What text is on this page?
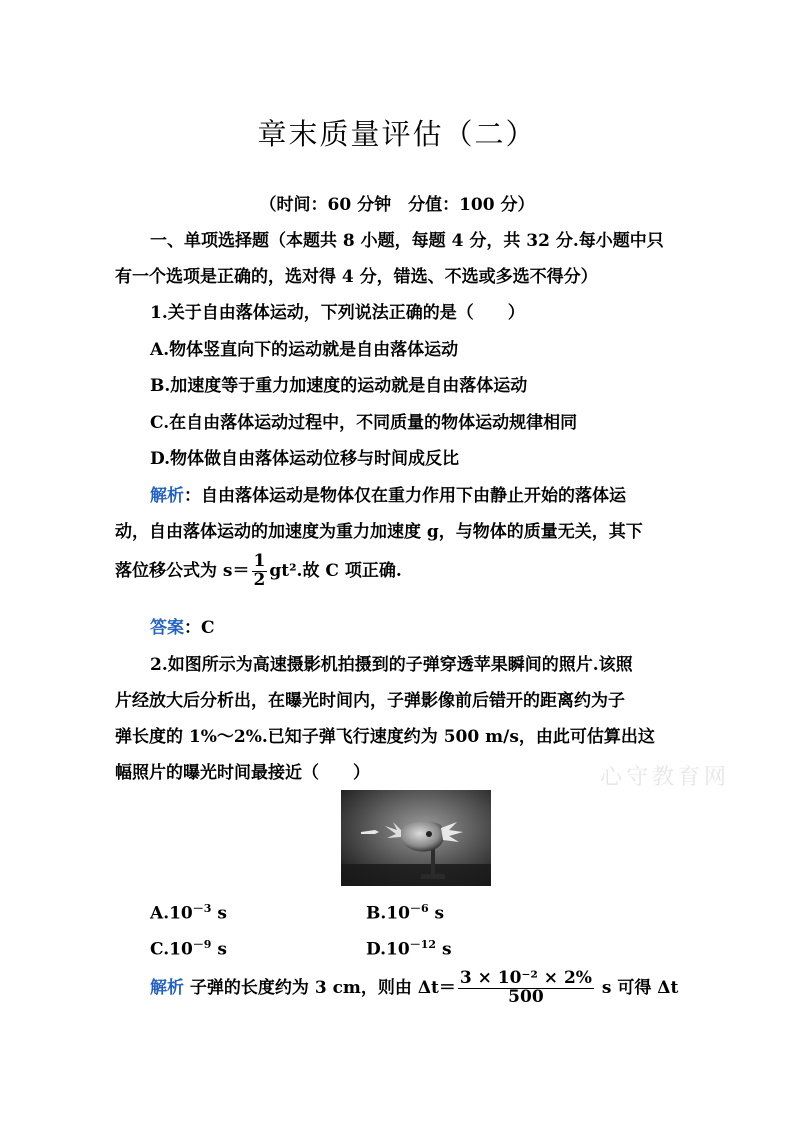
章末质量评估（二）
（时间：60 分钟　分值：100 分）
一、单项选择题（本题共 8 小题，每题 4 分，共 32 分.每小题中只
有一个选项是正确的，选对得 4 分，错选、不选或多选不得分）
1.关于自由落体运动，下列说法正确的是（　　）
A.物体竖直向下的运动就是自由落体运动
B.加速度等于重力加速度的运动就是自由落体运动
C.在自由落体运动过程中，不同质量的物体运动规律相同
D.物体做自由落体运动位移与时间成反比
解析：自由落体运动是物体仅在重力作用下由静止开始的落体运
动，自由落体运动的加速度为重力加速度 g，与物体的质量无关，其下
落位移公式为 $s= \frac{1}{2} gt^2$.故 C 项正确.
答案：C
2.如图所示为高速摄影机拍摄到的子弹穿透苹果瞬间的照片.该照
片经放大后分析出，在曝光时间内，子弹影像前后错开的距离约为子
弹长度的 1%～2%.已知子弹飞行速度约为 500 m/s，由此可估算出这
幅照片的曝光时间最接近（　　）	心守教育网
$A.10^{-3}$ s	$B.10^{-6}$ s
$C.10^{-9}$ s	$D.10^{-12}$ s
解析 子弹的长度约为 3 cm，则由 $\Delta t= \frac{\text{3 × 10⁻² × 2\%}}{500}$ s 可得 Δt
